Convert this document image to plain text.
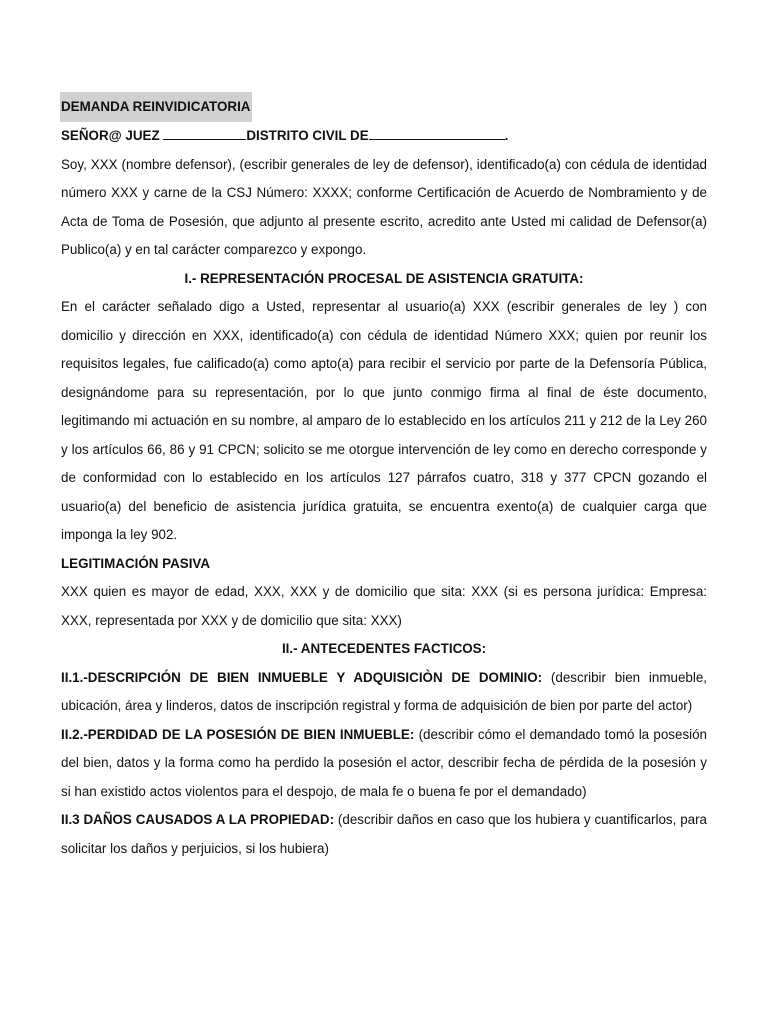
DEMANDA REINVIDICATORIA

SEÑOR@ JUEZ	DISTRITO CIVIL DE	.

Soy, XXX (nombre defensor), (escribir generales de ley de defensor), identificado(a) con cédula de identidad número XXX y carne de la CSJ Número: XXXX; conforme Certificación de Acuerdo de Nombramiento y de Acta de Toma de Posesión, que adjunto al presente escrito, acredito ante Usted mi calidad de Defensor(a) Publico(a) y en tal carácter comparezco y expongo.

I.- REPRESENTACIÓN PROCESAL DE ASISTENCIA GRATUITA:

En el carácter señalado digo a Usted, representar al usuario(a) XXX (escribir generales de ley ) con domicilio y dirección en XXX, identificado(a) con cédula de identidad Número XXX; quien por reunir los requisitos legales, fue calificado(a) como apto(a) para recibir el servicio por parte de la Defensoría Pública, designándome para su representación, por lo que junto conmigo firma al final de éste documento, legitimando mi actuación en su nombre, al amparo de lo establecido en los artículos 211 y 212 de la Ley 260 y los artículos 66, 86 y 91 CPCN; solicito se me otorgue intervención de ley como en derecho corresponde y de conformidad con lo establecido en los artículos 127 párrafos cuatro, 318 y 377 CPCN gozando el usuario(a) del beneficio de asistencia jurídica gratuita, se encuentra exento(a) de cualquier carga que imponga la ley 902.

LEGITIMACIÓN PASIVA

XXX quien es mayor de edad, XXX, XXX y de domicilio que sita: XXX (si es persona jurídica: Empresa: XXX, representada por XXX y de domicilio que sita: XXX)

II.- ANTECEDENTES FACTICOS:

II.1.-DESCRIPCIÓN DE BIEN INMUEBLE Y ADQUISICIÒN DE DOMINIO: (describir bien inmueble, ubicación, área y linderos, datos de inscripción registral y forma de adquisición de bien por parte del actor)

II.2.-PERDIDAD DE LA POSESIÓN DE BIEN INMUEBLE: (describir cómo el demandado tomó la posesión del bien, datos y la forma como ha perdido la posesión el actor, describir fecha de pérdida de la posesión y si han existido actos violentos para el despojo, de mala fe o buena fe por el demandado)

II.3 DAÑOS CAUSADOS A LA PROPIEDAD: (describir daños en caso que los hubiera y cuantificarlos, para solicitar los daños y perjuicios, si los hubiera)
